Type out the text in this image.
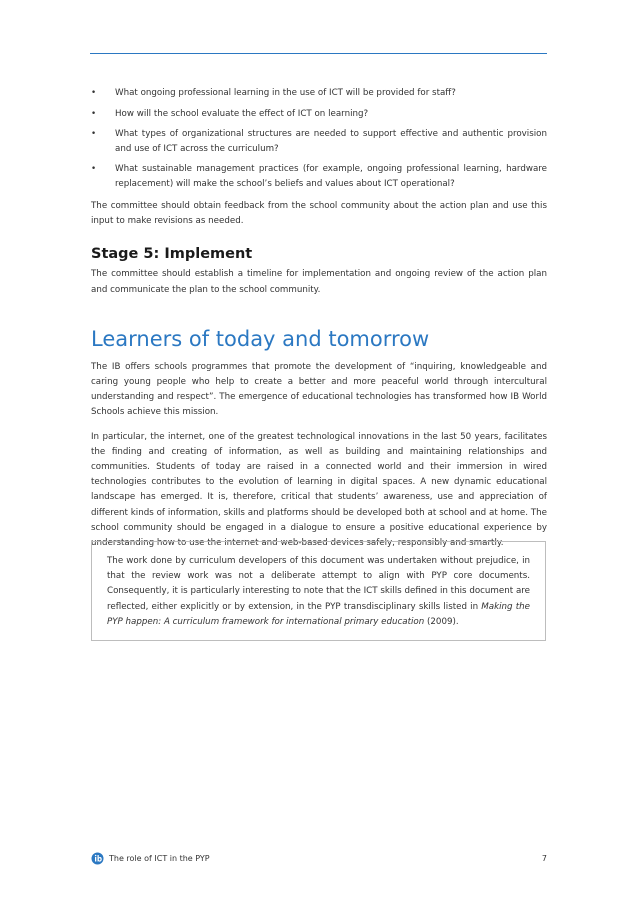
• What ongoing professional learning in the use of ICT will be provided for staff?
• How will the school evaluate the effect of ICT on learning?
• What types of organizational structures are needed to support effective and authentic provision and use of ICT across the curriculum?
• What sustainable management practices (for example, ongoing professional learning, hardware replacement) will make the school’s beliefs and values about ICT operational?

The committee should obtain feedback from the school community about the action plan and use this input to make revisions as needed.

Stage 5: Implement

The committee should establish a timeline for implementation and ongoing review of the action plan and communicate the plan to the school community.

Learners of today and tomorrow

The IB offers schools programmes that promote the development of “inquiring, knowledgeable and caring young people who help to create a better and more peaceful world through intercultural understanding and respect”. The emergence of educational technologies has transformed how IB World Schools achieve this mission.

In particular, the internet, one of the greatest technological innovations in the last 50 years, facilitates the finding and creating of information, as well as building and maintaining relationships and communities. Students of today are raised in a connected world and their immersion in wired technologies contributes to the evolution of learning in digital spaces. A new dynamic educational landscape has emerged. It is, therefore, critical that students’ awareness, use and appreciation of different kinds of information, skills and platforms should be developed both at school and at home. The school community should be engaged in a dialogue to ensure a positive educational experience by understanding how to use the internet and web-based devices safely, responsibly and smartly.

The work done by curriculum developers of this document was undertaken without prejudice, in that the review work was not a deliberate attempt to align with PYP core documents. Consequently, it is particularly interesting to note that the ICT skills defined in this document are reflected, either explicitly or by extension, in the PYP transdisciplinary skills listed in Making the PYP happen: A curriculum framework for international primary education (2009).

The role of ICT in the PYP	7
